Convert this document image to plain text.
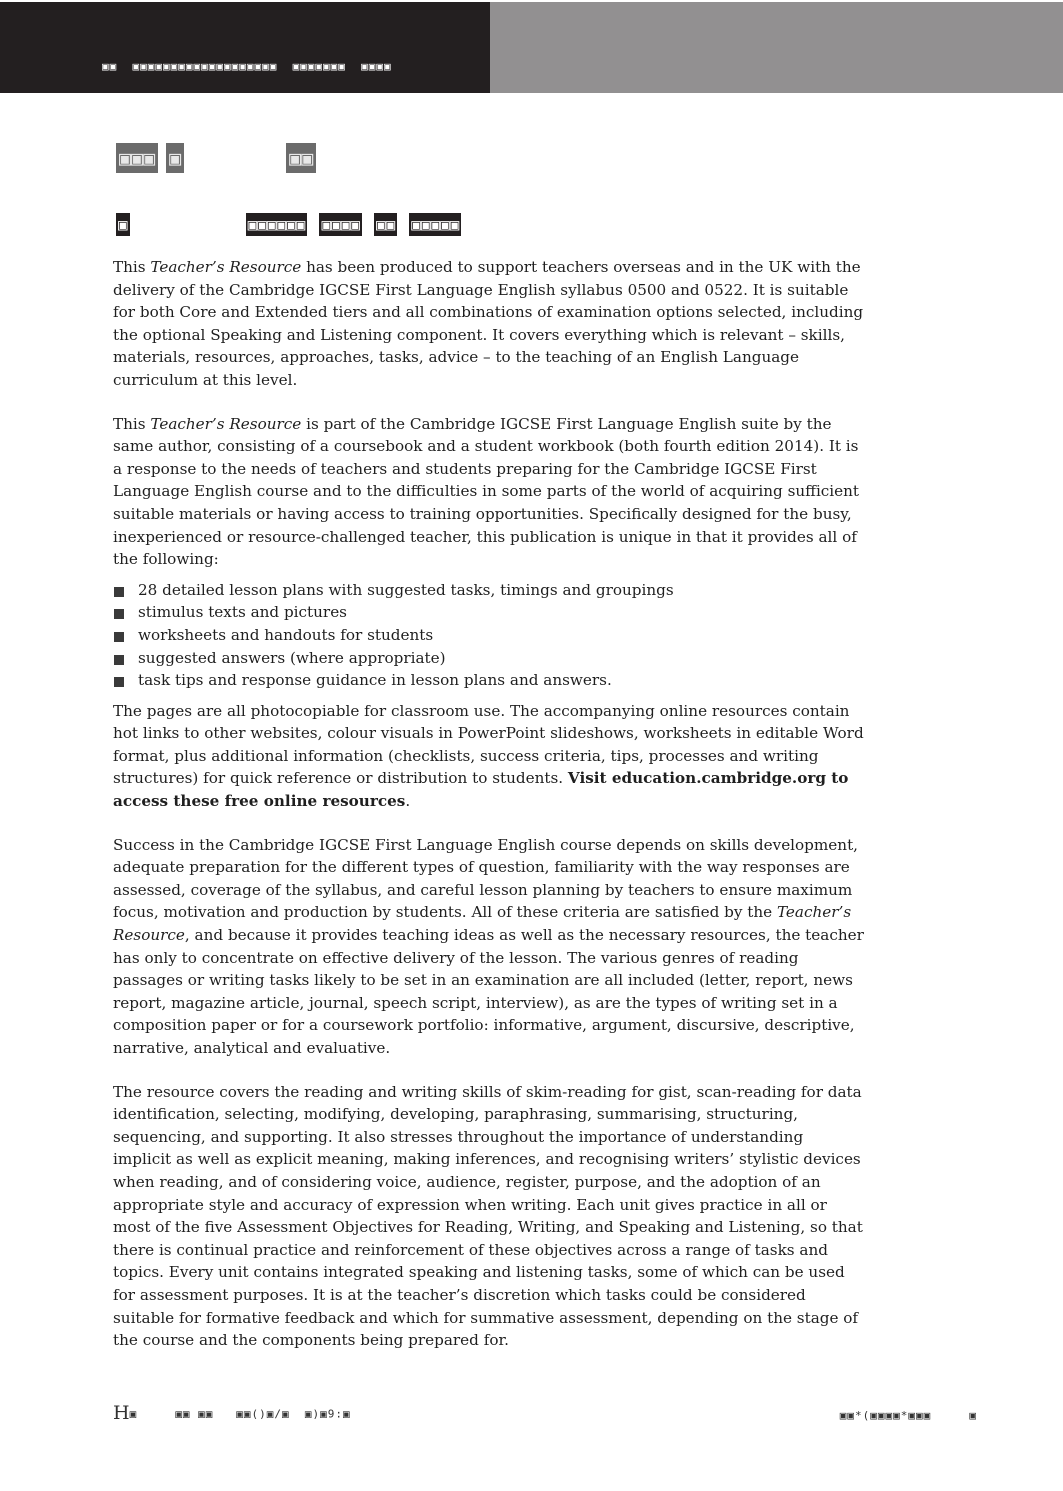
▣▣  ▣▣▣▣▣▣▣▣▣▣▣▣▣▣▣▣▣▣▣  ▣▣▣▣▣▣▣  ▣▣▣▣
▣▣▣ ▣	▣▣
▣	▣▣▣▣▣▣ ▣▣▣▣ ▣▣ ▣▣▣▣▣

This Teacher’s Resource has been produced to support teachers overseas and in the UK with the delivery of the Cambridge IGCSE First Language English syllabus 0500 and 0522. It is suitable for both Core and Extended tiers and all combinations of examination options selected, including the optional Speaking and Listening component. It covers everything which is relevant – skills, materials, resources, approaches, tasks, advice – to the teaching of an English Language curriculum at this level.

This Teacher’s Resource is part of the Cambridge IGCSE First Language English suite by the same author, consisting of a coursebook and a student workbook (both fourth edition 2014). It is a response to the needs of teachers and students preparing for the Cambridge IGCSE First Language English course and to the difficulties in some parts of the world of acquiring sufficient suitable materials or having access to training opportunities. Specifically designed for the busy, inexperienced or resource-challenged teacher, this publication is unique in that it provides all of the following:

28 detailed lesson plans with suggested tasks, timings and groupings
stimulus texts and pictures
worksheets and handouts for students
suggested answers (where appropriate)
task tips and response guidance in lesson plans and answers.

The pages are all photocopiable for classroom use. The accompanying online resources contain hot links to other websites, colour visuals in PowerPoint slideshows, worksheets in editable Word format, plus additional information (checklists, success criteria, tips, processes and writing structures) for quick reference or distribution to students. Visit education.cambridge.org to access these free online resources.

Success in the Cambridge IGCSE First Language English course depends on skills development, adequate preparation for the different types of question, familiarity with the way responses are assessed, coverage of the syllabus, and careful lesson planning by teachers to ensure maximum focus, motivation and production by students. All of these criteria are satisfied by the Teacher’s Resource, and because it provides teaching ideas as well as the necessary resources, the teacher has only to concentrate on effective delivery of the lesson. The various genres of reading passages or writing tasks likely to be set in an examination are all included (letter, report, news report, magazine article, journal, speech script, interview), as are the types of writing set in a composition paper or for a coursework portfolio: informative, argument, discursive, descriptive, narrative, analytical and evaluative.

The resource covers the reading and writing skills of skim-reading for gist, scan-reading for data identification, selecting, modifying, developing, paraphrasing, summarising, structuring, sequencing, and supporting. It also stresses throughout the importance of understanding implicit as well as explicit meaning, making inferences, and recognising writers’ stylistic devices when reading, and of considering voice, audience, register, purpose, and the adoption of an appropriate style and accuracy of expression when writing. Each unit gives practice in all or most of the five Assessment Objectives for Reading, Writing, and Speaking and Listening, so that there is continual practice and reinforcement of these objectives across a range of tasks and topics. Every unit contains integrated speaking and listening tasks, some of which can be used for assessment purposes. It is at the teacher’s discretion which tasks could be considered suitable for formative feedback and which for summative assessment, depending on the stage of the course and the components being prepared for.

H▣     ▣▣ ▣▣   ▣▣()▣/▣  ▣)▣9:▣	▣▣*(▣▣▣▣*▣▣▣     ▣
